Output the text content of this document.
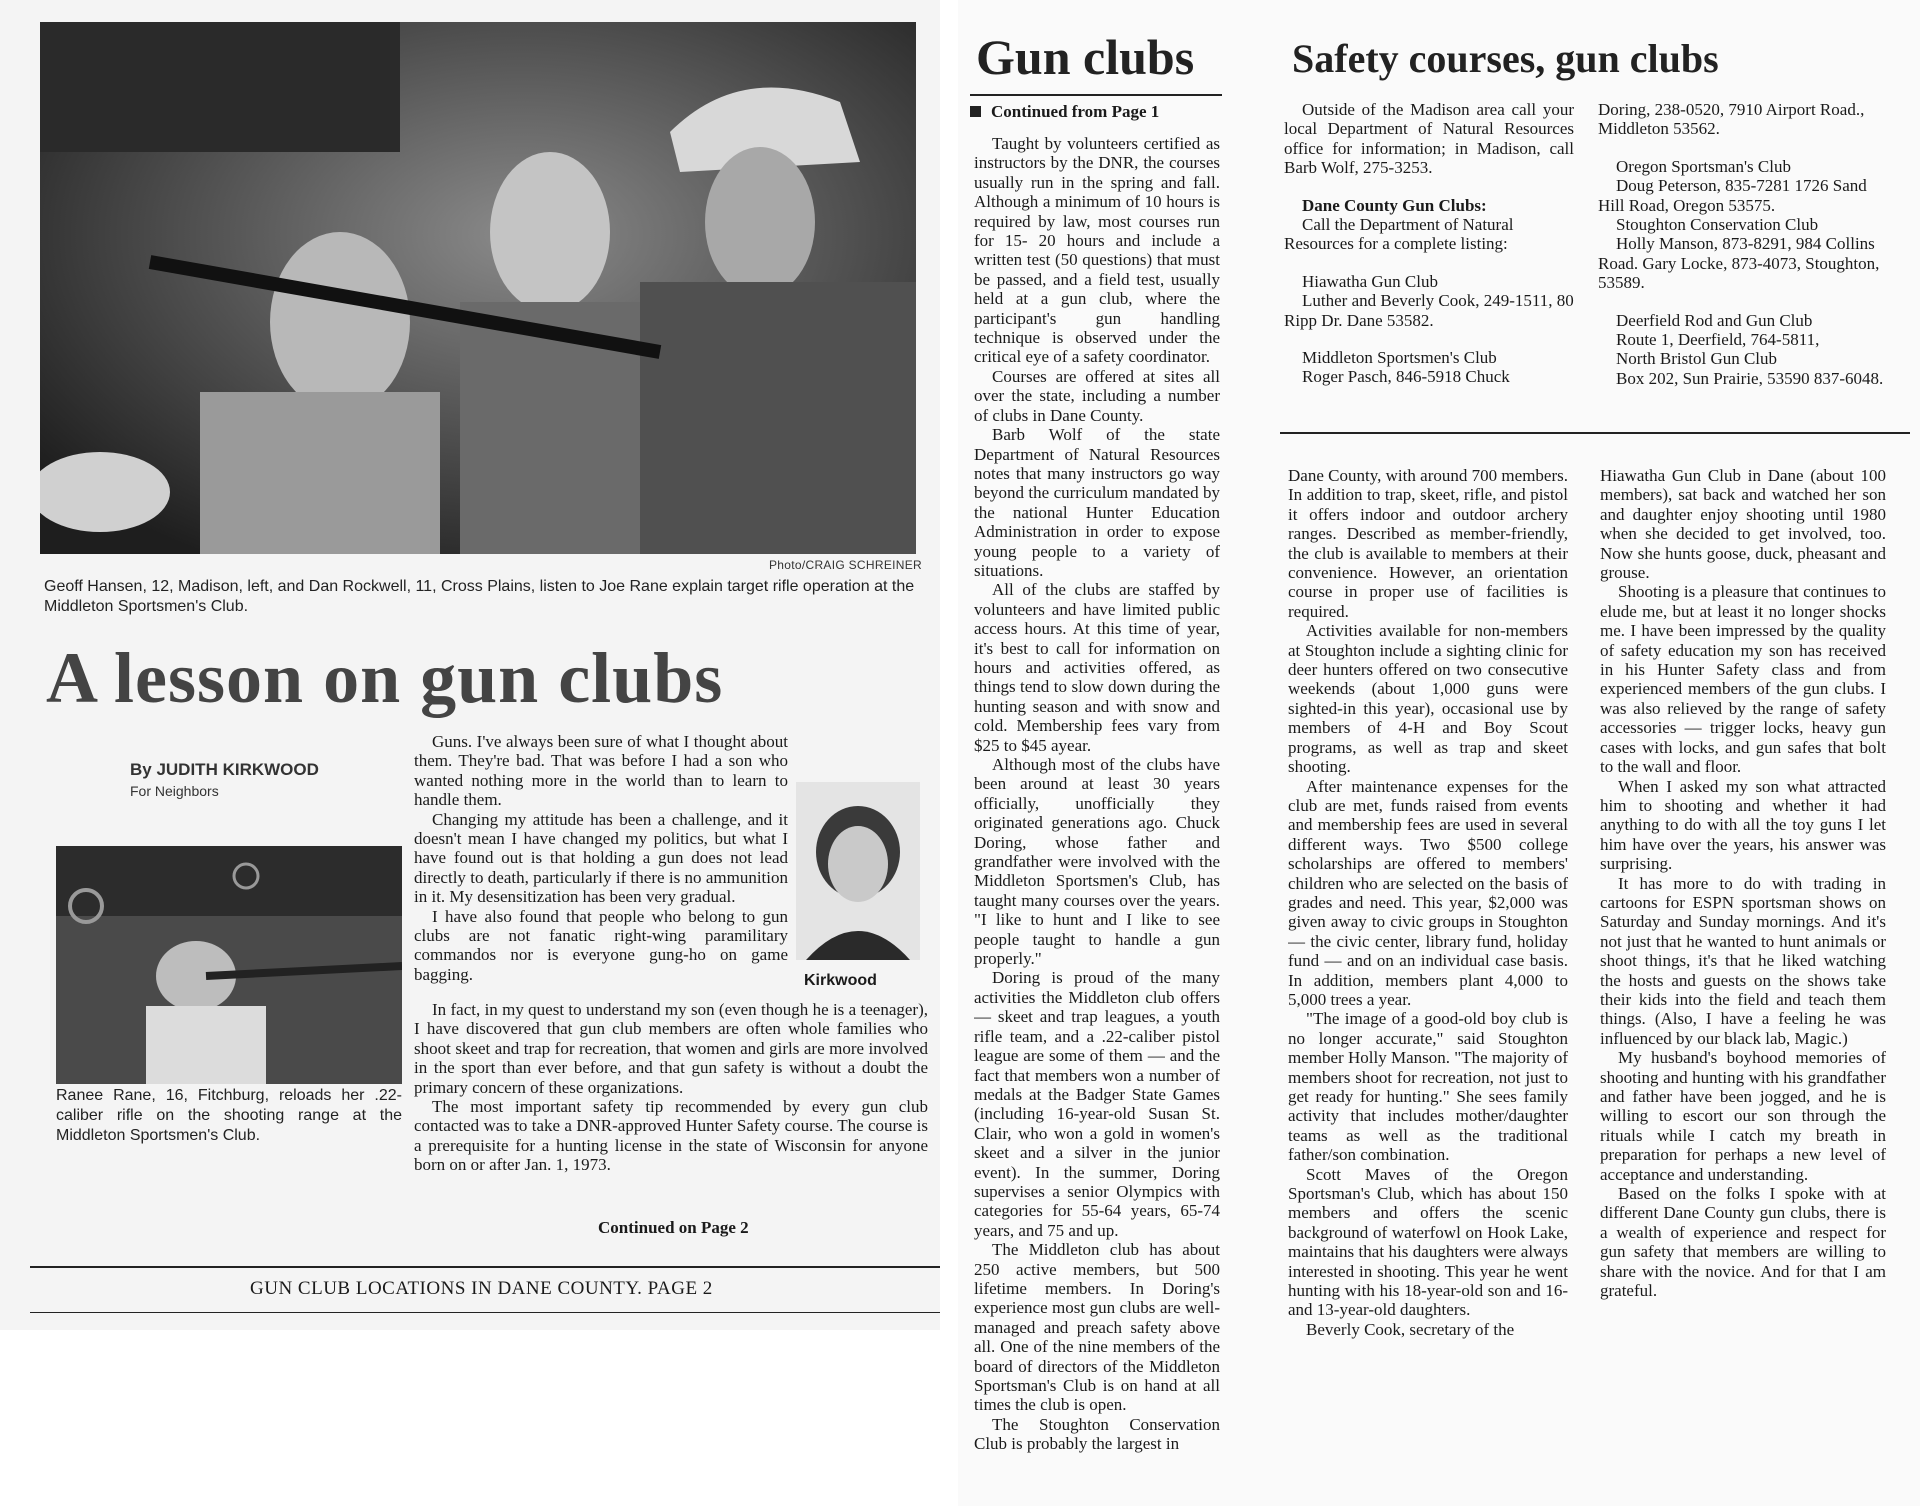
Photo/CRAIG SCHREINER
Geoff Hansen, 12, Madison, left, and Dan Rockwell, 11, Cross Plains, listen to Joe Rane explain target rifle operation at the Middleton Sportsmen's Club.
A lesson on gun clubs
By JUDITH KIRKWOOD
For Neighbors
Ranee Rane, 16, Fitchburg, reloads her .22-caliber rifle on the shooting range at the Middleton Sportsmen's Club.
Kirkwood

Guns. I've always been sure of what I thought about them. They're bad. That was before I had a son who wanted nothing more in the world than to learn to handle them.

Changing my attitude has been a challenge, and it doesn't mean I have changed my politics, but what I have found out is that holding a gun does not lead directly to death, particularly if there is no ammunition in it. My desensitization has been very gradual.

I have also found that people who belong to gun clubs are not fanatic right-wing paramilitary commandos nor is everyone gung-ho on game bagging.

In fact, in my quest to understand my son (even though he is a teenager), I have discovered that gun club members are often whole families who shoot skeet and trap for recreation, that women and girls are more involved in the sport than ever before, and that gun safety is without a doubt the primary concern of these organizations.

The most important safety tip recommended by every gun club contacted was to take a DNR-approved Hunter Safety course. The course is a prerequisite for a hunting license in the state of Wisconsin for anyone born on or after Jan. 1, 1973.

Continued on Page 2
GUN CLUB LOCATIONS IN DANE COUNTY. PAGE 2
Gun clubs
Continued from Page 1
Safety courses, gun clubs

Taught by volunteers certified as instructors by the DNR, the courses usually run in the spring and fall. Although a minimum of 10 hours is required by law, most courses run for 15- 20 hours and include a written test (50 questions) that must be passed, and a field test, usually held at a gun club, where the participant's gun handling technique is observed under the critical eye of a safety coordinator.

Courses are offered at sites all over the state, including a number of clubs in Dane County.

Barb Wolf of the state Department of Natural Resources notes that many instructors go way beyond the curriculum mandated by the national Hunter Education Administration in order to expose young people to a variety of situations.

All of the clubs are staffed by volunteers and have limited public access hours. At this time of year, it's best to call for information on hours and activities offered, as things tend to slow down during the hunting season and with snow and cold. Membership fees vary from $25 to $45 ayear.

Although most of the clubs have been around at least 30 years officially, unofficially they originated generations ago. Chuck Doring, whose father and grandfather were involved with the Middleton Sportsmen's Club, has taught many courses over the years. "I like to hunt and I like to see people taught to handle a gun properly."

Doring is proud of the many activities the Middleton club offers — skeet and trap leagues, a youth rifle team, and a .22-caliber pistol league are some of them — and the fact that members won a number of medals at the Badger State Games (including 16-year-old Susan St. Clair, who won a gold in women's skeet and a silver in the junior event). In the summer, Doring supervises a senior Olympics with categories for 55-64 years, 65-74 years, and 75 and up.

The Middleton club has about 250 active members, but 500 lifetime members. In Doring's experience most gun clubs are well-managed and preach safety above all. One of the nine members of the board of directors of the Middleton Sportsman's Club is on hand at all times the club is open.

The Stoughton Conservation Club is probably the largest in

Outside of the Madison area call your local Department of Natural Resources office for information; in Madison, call Barb Wolf, 275-3253.

Dane County Gun Clubs:

Call the Department of Natural Resources for a complete listing:

Hiawatha Gun Club

Luther and Beverly Cook, 249-1511, 80 Ripp Dr. Dane 53582.

Middleton Sportsmen's Club

Roger Pasch, 846-5918 Chuck

Doring, 238-0520, 7910 Airport Road., Middleton 53562.

Oregon Sportsman's Club

Doug Peterson, 835-7281 1726 Sand Hill Road, Oregon 53575.

Stoughton Conservation Club

Holly Manson, 873-8291, 984 Collins Road. Gary Locke, 873-4073, Stoughton, 53589.

Deerfield Rod and Gun Club

Route 1, Deerfield, 764-5811,

North Bristol Gun Club

Box 202, Sun Prairie, 53590 837-6048.

Dane County, with around 700 members. In addition to trap, skeet, rifle, and pistol it offers indoor and outdoor archery ranges. Described as member-friendly, the club is available to members at their convenience. However, an orientation course in proper use of facilities is required.

Activities available for non-members at Stoughton include a sighting clinic for deer hunters offered on two consecutive weekends (about 1,000 guns were sighted-in this year), occasional use by members of 4-H and Boy Scout programs, as well as trap and skeet shooting.

After maintenance expenses for the club are met, funds raised from events and membership fees are used in several different ways. Two $500 college scholarships are offered to members' children who are selected on the basis of grades and need. This year, $2,000 was given away to civic groups in Stoughton — the civic center, library fund, holiday fund — and on an individual case basis. In addition, members plant 4,000 to 5,000 trees a year.

"The image of a good-old boy club is no longer accurate," said Stoughton member Holly Manson. "The majority of members shoot for recreation, not just to get ready for hunting." She sees family activity that includes mother/daughter teams as well as the traditional father/son combination.

Scott Maves of the Oregon Sportsman's Club, which has about 150 members and offers the scenic background of waterfowl on Hook Lake, maintains that his daughters were always interested in shooting. This year he went hunting with his 18-year-old son and 16- and 13-year-old daughters.

Beverly Cook, secretary of the

Hiawatha Gun Club in Dane (about 100 members), sat back and watched her son and daughter enjoy shooting until 1980 when she decided to get involved, too. Now she hunts goose, duck, pheasant and grouse.

Shooting is a pleasure that continues to elude me, but at least it no longer shocks me. I have been impressed by the quality of safety education my son has received in his Hunter Safety class and from experienced members of the gun clubs. I was also relieved by the range of safety accessories — trigger locks, heavy gun cases with locks, and gun safes that bolt to the wall and floor.

When I asked my son what attracted him to shooting and whether it had anything to do with all the toy guns I let him have over the years, his answer was surprising.

It has more to do with trading in cartoons for ESPN sportsman shows on Saturday and Sunday mornings. And it's not just that he wanted to hunt animals or shoot things, it's that he liked watching the hosts and guests on the shows take their kids into the field and teach them things. (Also, I have a feeling he was influenced by our black lab, Magic.)

My husband's boyhood memories of shooting and hunting with his grandfather and father have been jogged, and he is willing to escort our son through the rituals while I catch my breath in preparation for perhaps a new level of acceptance and understanding.

Based on the folks I spoke with at different Dane County gun clubs, there is a wealth of experience and respect for gun safety that members are willing to share with the novice. And for that I am grateful.
